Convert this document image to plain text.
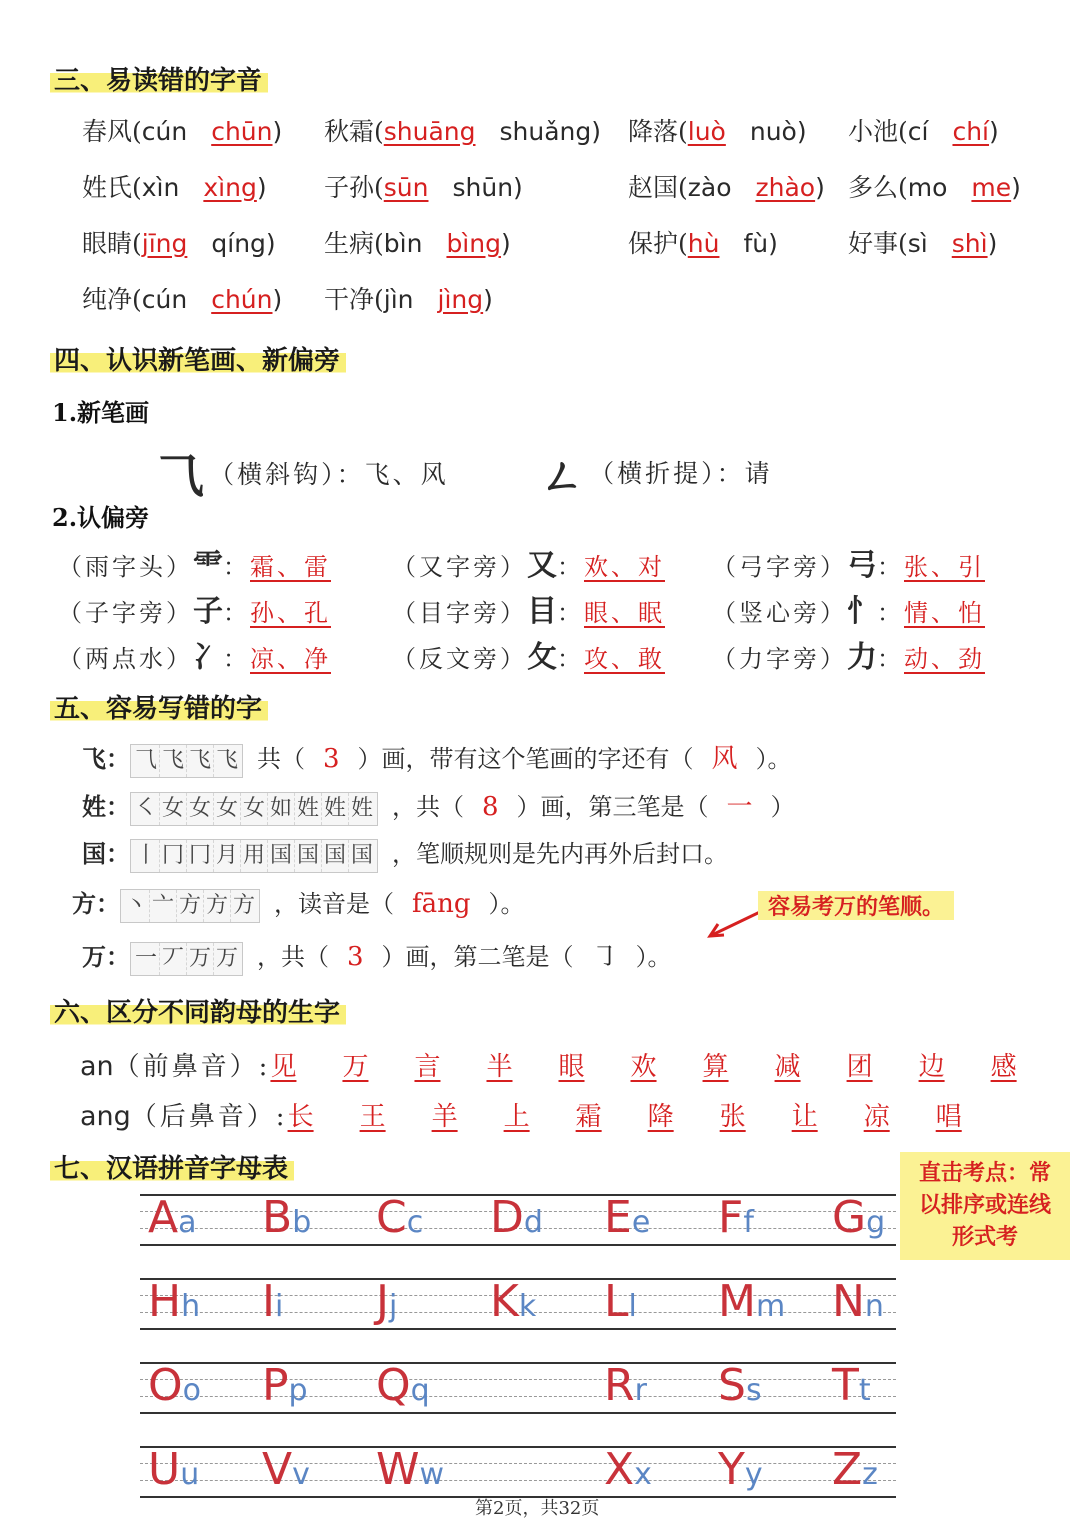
三、易读错的字音
春风(cún chūn) 秋霜(shuāng shuǎng) 降落(luò nuò) 小池(cí chí)
姓氏(xìn xìng) 子孙(sūn shūn)	赵国(zào zhào) 多么(mo me)
眼睛(jīng qíng) 生病(bìn bìng)	保护(hù fù)	好事(sì shì)
纯净(cún chún) 干净(jìn jìng)
四、认识新笔画、新偏旁
1.新笔画
⺄ （横斜钩）：飞、风 ㄥ （横折提）：请
2.认偏旁
（雨字头）⻗：霜、雷	（又字旁）又：欢、对 （弓字旁）弓：张、引
（子字旁）子：孙、孔	（目字旁）目：眼、眠 （竖心旁）忄：情、怕
（两点水）冫：凉、净	（反文旁）攵：攻、敢 （力字旁）力：动、劲
五、容易写错的字
飞： ⺄ 飞 飞 飞 共（ 3 ）画，带有这个笔画的字还有（ 风 ）。
姓： ㇛ 女 女 女 女 如 姓 姓 姓 ，共（ 8 ）画，第三笔是（ 一 ）
国： 丨 冂 冂 月 用 国 国 国 国 ，笔顺规则是先内再外后封口。
方： 丶 亠 方 方 方 ，读音是（ fāng ）。
万： 一 丆 万 万 ，共（ 3 ）画，第二笔是（ ㇆ ）。
容易考万的笔顺。
六、区分不同韵母的生字
an（前鼻音）:见 万 言 半 眼 欢 算 减 团 边 感
ang（后鼻音）:长 王 羊 上 霜 降 张 让 凉 唱
七、汉语拼音字母表	直击考点：常以排序或连线形式考
Aa Bb Cc Dd Ee Ff Gg
Hh Ii Jj Kk Ll Mm Nn
Oo Pp Qq	Rr Ss Tt
Uu Vv Ww	Xx Yy Zz
第2页，共32页
